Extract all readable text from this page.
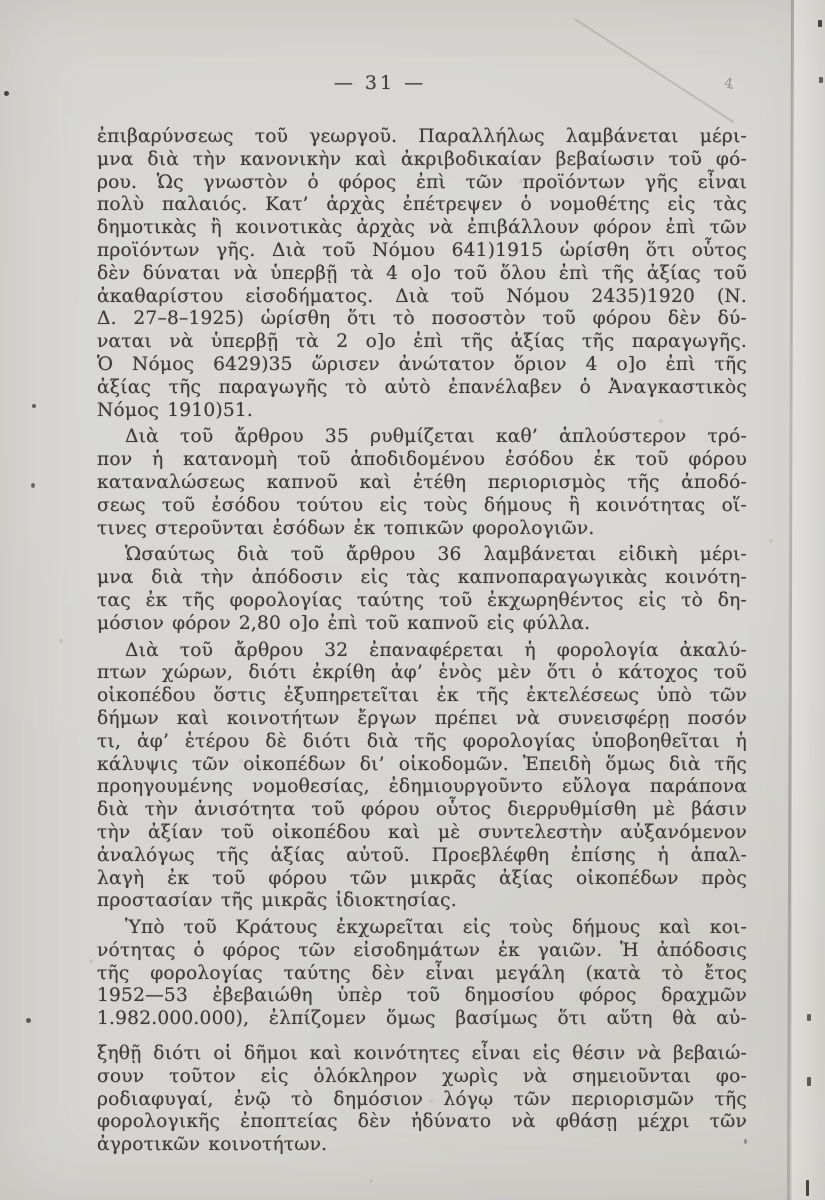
— 31 —	4
ἐπιβαρύνσεως τοῦ γεωργοῦ. Παραλλήλως λαμβάνεται μέρι-
μνα διὰ τὴν κανονικὴν καὶ ἀκριβοδικαίαν βεβαίωσιν τοῦ φό-
ρου. Ὡς γνωστὸν ὁ φόρος ἐπὶ τῶν προϊόντων γῆς εἶναι
πολὺ παλαιός. Κατ’ ἀρχὰς ἐπέτρεψεν ὁ νομοθέτης εἰς τὰς
δημοτικὰς ἢ κοινοτικὰς ἀρχὰς νὰ ἐπιβάλλουν φόρον ἐπὶ τῶν
προϊόντων γῆς. Διὰ τοῦ Νόμου 641)1915 ὡρίσθη ὅτι οὗτος
δὲν δύναται νὰ ὑπερβῇ τὰ 4 ο]ο τοῦ ὅλου ἐπὶ τῆς ἀξίας τοῦ
ἀκαθαρίστου εἰσοδήματος. Διὰ τοῦ Νόμου 2435)1920 (Ν.
Δ. 27–8–1925) ὡρίσθη ὅτι τὸ ποσοστὸν τοῦ φόρου δὲν δύ-
ναται νὰ ὑπερβῇ τὰ 2 ο]ο ἐπὶ τῆς ἀξίας τῆς παραγωγῆς.
Ὁ Νόμος 6429)35 ὥρισεν ἀνώτατον ὅριον 4 ο]ο ἐπὶ τῆς
ἀξίας τῆς παραγωγῆς τὸ αὐτὸ ἐπανέλαβεν ὁ Ἀναγκαστικὸς
Νόμος 1910)51.
Διὰ τοῦ ἄρθρου 35 ρυθμίζεται καθ’ ἁπλούστερον τρό-
πον ἡ κατανομὴ τοῦ ἀποδιδομένου ἐσόδου ἐκ τοῦ φόρου
καταναλώσεως καπνοῦ καὶ ἐτέθη περιορισμὸς τῆς ἀποδό-
σεως τοῦ ἐσόδου τούτου εἰς τοὺς δήμους ἢ κοινότητας οἵ-
τινες στεροῦνται ἐσόδων ἐκ τοπικῶν φορολογιῶν.
Ὡσαύτως διὰ τοῦ ἄρθρου 36 λαμβάνεται εἰδικὴ μέρι-
μνα διὰ τὴν ἀπόδοσιν εἰς τὰς καπνοπαραγωγικὰς κοινότη-
τας ἐκ τῆς φορολογίας ταύτης τοῦ ἐκχωρηθέντος εἰς τὸ δη-
μόσιον φόρον 2,80 ο]ο ἐπὶ τοῦ καπνοῦ εἰς φύλλα.
Διὰ τοῦ ἄρθρου 32 ἐπαναφέρεται ἡ φορολογία ἀκαλύ-
πτων χώρων, διότι ἐκρίθη ἀφ’ ἑνὸς μὲν ὅτι ὁ κάτοχος τοῦ
οἰκοπέδου ὅστις ἐξυπηρετεῖται ἐκ τῆς ἐκτελέσεως ὑπὸ τῶν
δήμων καὶ κοινοτήτων ἔργων πρέπει νὰ συνεισφέρῃ ποσόν
τι, ἀφ’ ἑτέρου δὲ διότι διὰ τῆς φορολογίας ὑποβοηθεῖται ἡ
κάλυψις τῶν οἰκοπέδων δι’ οἰκοδομῶν. Ἐπειδὴ ὅμως διὰ τῆς
προηγουμένης νομοθεσίας, ἐδημιουργοῦντο εὔλογα παράπονα
διὰ τὴν ἀνισότητα τοῦ φόρου οὗτος διερρυθμίσθη μὲ βάσιν
τὴν ἀξίαν τοῦ οἰκοπέδου καὶ μὲ συντελεστὴν αὐξανόμενον
ἀναλόγως τῆς ἀξίας αὐτοῦ. Προεβλέφθη ἐπίσης ἡ ἀπαλ-
λαγὴ ἐκ τοῦ φόρου τῶν μικρᾶς ἀξίας οἰκοπέδων πρὸς
προστασίαν τῆς μικρᾶς ἰδιοκτησίας.
Ὑπὸ τοῦ Κράτους ἐκχωρεῖται εἰς τοὺς δήμους καὶ κοι-
νότητας ὁ φόρος τῶν εἰσοδημάτων ἐκ γαιῶν. Ἡ ἀπόδοσις
τῆς φορολογίας ταύτης δὲν εἶναι μεγάλη (κατὰ τὸ ἔτος
1952—53 ἐβεβαιώθη ὑπὲρ τοῦ δημοσίου φόρος δραχμῶν
1.982.000.000), ἐλπίζομεν ὅμως βασίμως ὅτι αὕτη θὰ αὐ-
ξηθῇ διότι οἱ δῆμοι καὶ κοινότητες εἶναι εἰς θέσιν νὰ βεβαιώ-
σουν τοῦτον εἰς ὁλόκληρον χωρὶς νὰ σημειοῦνται φο-
ροδιαφυγαί, ἐνῷ τὸ δημόσιον λόγῳ τῶν περιορισμῶν τῆς
φορολογικῆς ἐποπτείας δὲν ἠδύνατο νὰ φθάσῃ μέχρι τῶν
ἀγροτικῶν κοινοτήτων.
